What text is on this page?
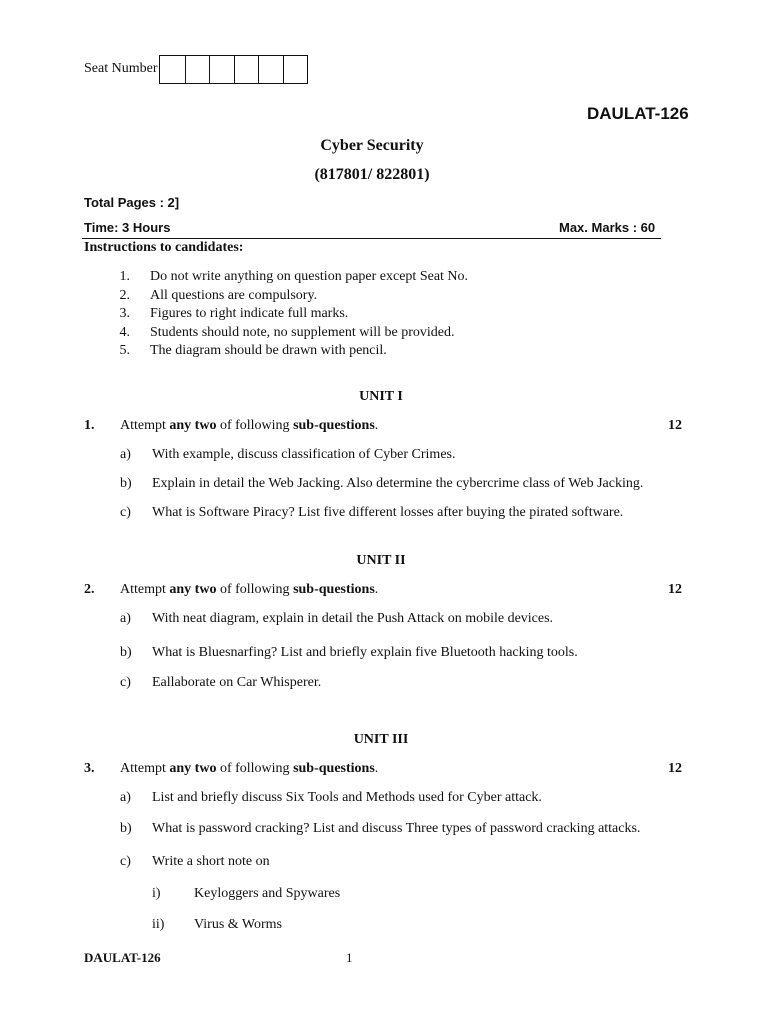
Seat Number
DAULAT-126
Cyber Security
(817801/ 822801)
Total Pages : 2]
Time: 3 Hours	Max. Marks : 60
Instructions to candidates:
1. Do not write anything on question paper except Seat No.
2. All questions are compulsory.
3. Figures to right indicate full marks.
4. Students should note, no supplement will be provided.
5. The diagram should be drawn with pencil.
UNIT I
1. Attempt any two of following sub-questions.	12
a) With example, discuss classification of Cyber Crimes.
b) Explain in detail the Web Jacking. Also determine the cybercrime class of Web Jacking.
c) What is Software Piracy? List five different losses after buying the pirated software.
UNIT II
2. Attempt any two of following sub-questions.	12
a) With neat diagram, explain in detail the Push Attack on mobile devices.
b) What is Bluesnarfing? List and briefly explain five Bluetooth hacking tools.
c) Eallaborate on Car Whisperer.
UNIT III
3. Attempt any two of following sub-questions.	12
a) List and briefly discuss Six Tools and Methods used for Cyber attack.
b) What is password cracking? List and discuss Three types of password cracking attacks.
c) Write a short note on
i) Keyloggers and Spywares
ii) Virus & Worms
DAULAT-126	1
